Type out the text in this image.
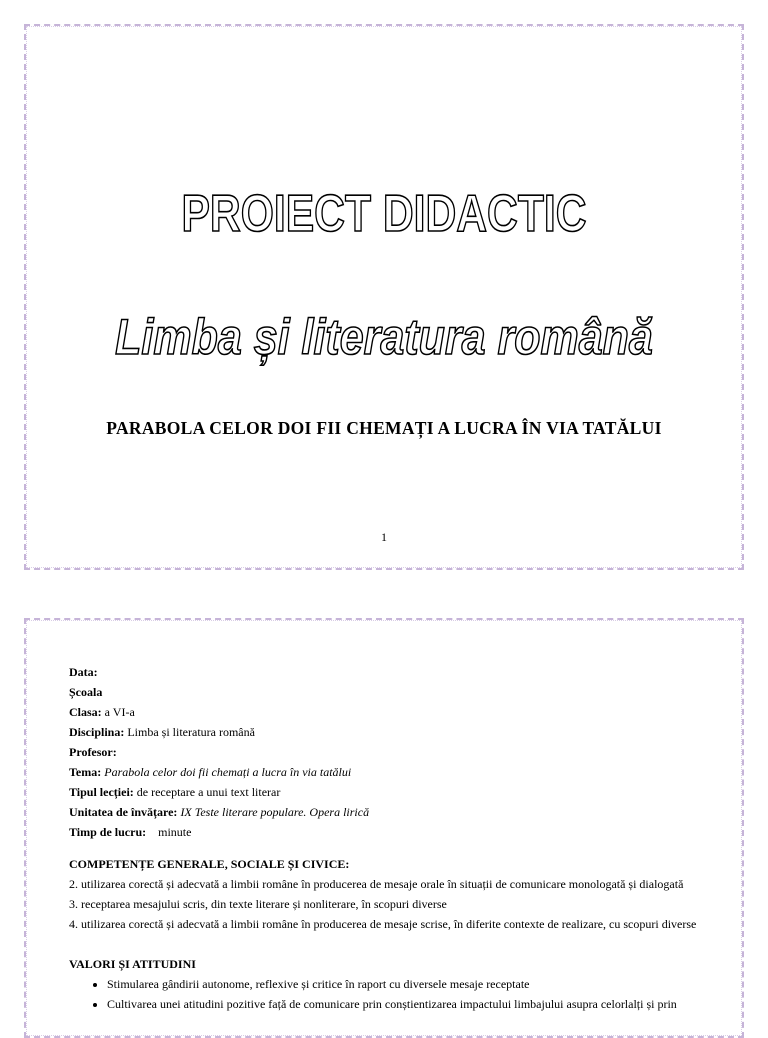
PROIECT DIDACTIC
Limba și literatura română
PARABOLA CELOR DOI FII CHEMAȚI A LUCRA ÎN VIA TATĂLUI
1
Data:
Școala
Clasa: a VI-a
Disciplina: Limba și literatura română
Profesor:
Tema: Parabola celor doi fii chemați a lucra în via tatălui
Tipul lecției: de receptare a unui text literar
Unitatea de învățare: IX Teste literare populare. Opera lirică
Timp de lucru:    minute
COMPETENȚE GENERALE, SOCIALE ȘI CIVICE:
2. utilizarea corectă și adecvată a limbii române în producerea de mesaje orale în situații de comunicare monologată și dialogată
3. receptarea mesajului scris, din texte literare și nonliterare, în scopuri diverse
4. utilizarea corectă și adecvată a limbii române în producerea de mesaje scrise, în diferite contexte de realizare, cu scopuri diverse
VALORI ȘI ATITUDINI
• Stimularea gândirii autonome, reflexive și critice în raport cu diversele mesaje receptate
• Cultivarea unei atitudini pozitive față de comunicare prin conștientizarea impactului limbajului asupra celorlalți și prin
